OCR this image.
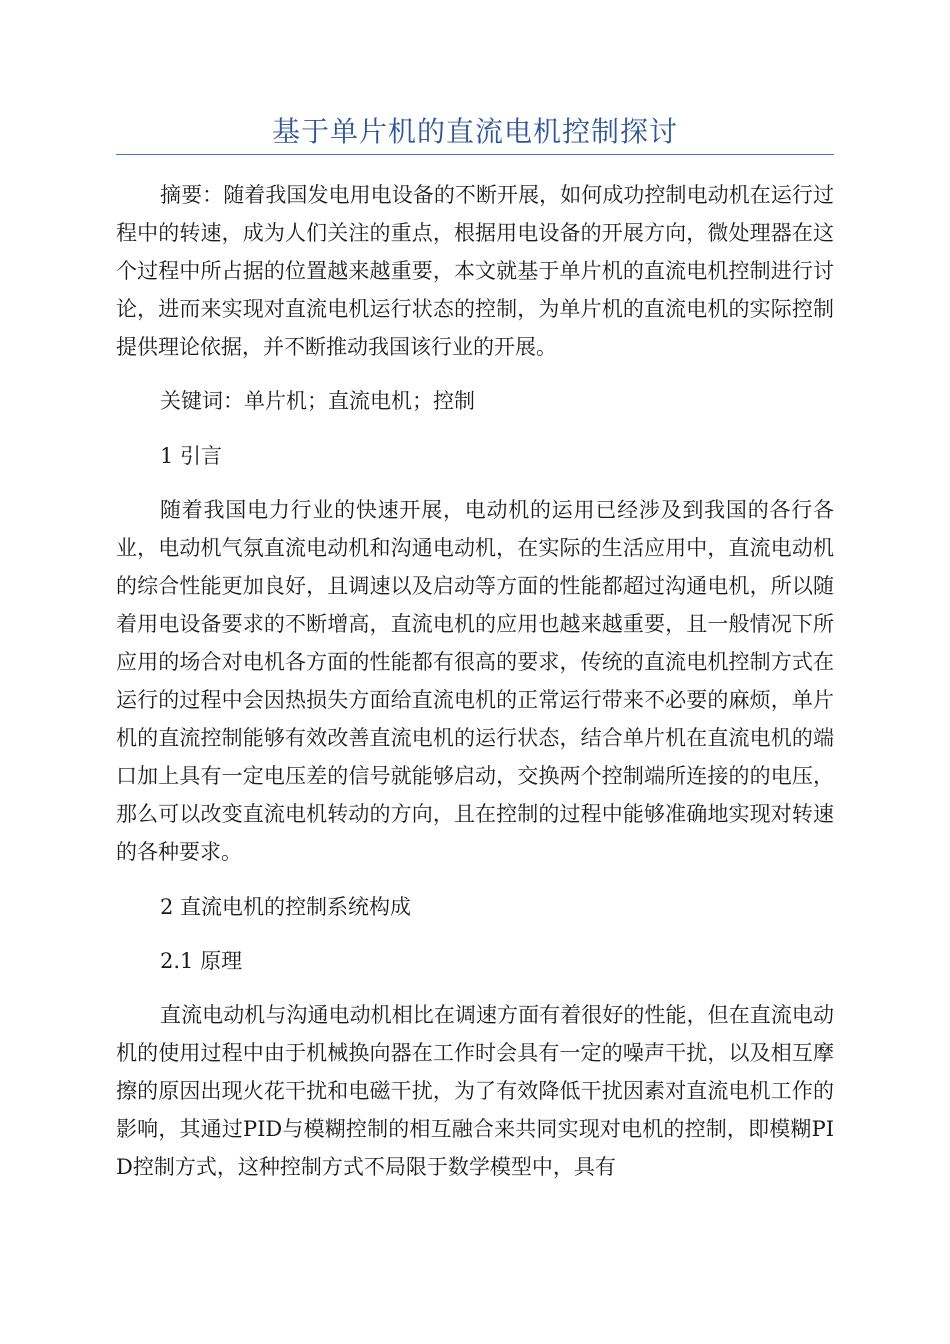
基于单片机的直流电机控制探讨

摘要：随着我国发电用电设备的不断开展，如何成功控制电动机在运行过程中的转速，成为人们关注的重点，根据用电设备的开展方向，微处理器在这个过程中所占据的位置越来越重要，本文就基于单片机的直流电机控制进行讨论，进而来实现对直流电机运行状态的控制，为单片机的直流电机的实际控制提供理论依据，并不断推动我国该行业的开展。

关键词：单片机；直流电机；控制

1 引言

随着我国电力行业的快速开展，电动机的运用已经涉及到我国的各行各业，电动机气氛直流电动机和沟通电动机，在实际的生活应用中，直流电动机的综合性能更加良好，且调速以及启动等方面的性能都超过沟通电机，所以随着用电设备要求的不断增高，直流电机的应用也越来越重要，且一般情况下所应用的场合对电机各方面的性能都有很高的要求，传统的直流电机控制方式在运行的过程中会因热损失方面给直流电机的正常运行带来不必要的麻烦，单片机的直流控制能够有效改善直流电机的运行状态，结合单片机在直流电机的端口加上具有一定电压差的信号就能够启动，交换两个控制端所连接的的电压，那么可以改变直流电机转动的方向，且在控制的过程中能够准确地实现对转速的各种要求。

2 直流电机的控制系统构成

2.1 原理

直流电动机与沟通电动机相比在调速方面有着很好的性能，但在直流电动机的使用过程中由于机械换向器在工作时会具有一定的噪声干扰，以及相互摩擦的原因出现火花干扰和电磁干扰，为了有效降低干扰因素对直流电机工作的影响，其通过PID与模糊控制的相互融合来共同实现对电机的控制，即模糊PID控制方式，这种控制方式不局限于数学模型中，具有
